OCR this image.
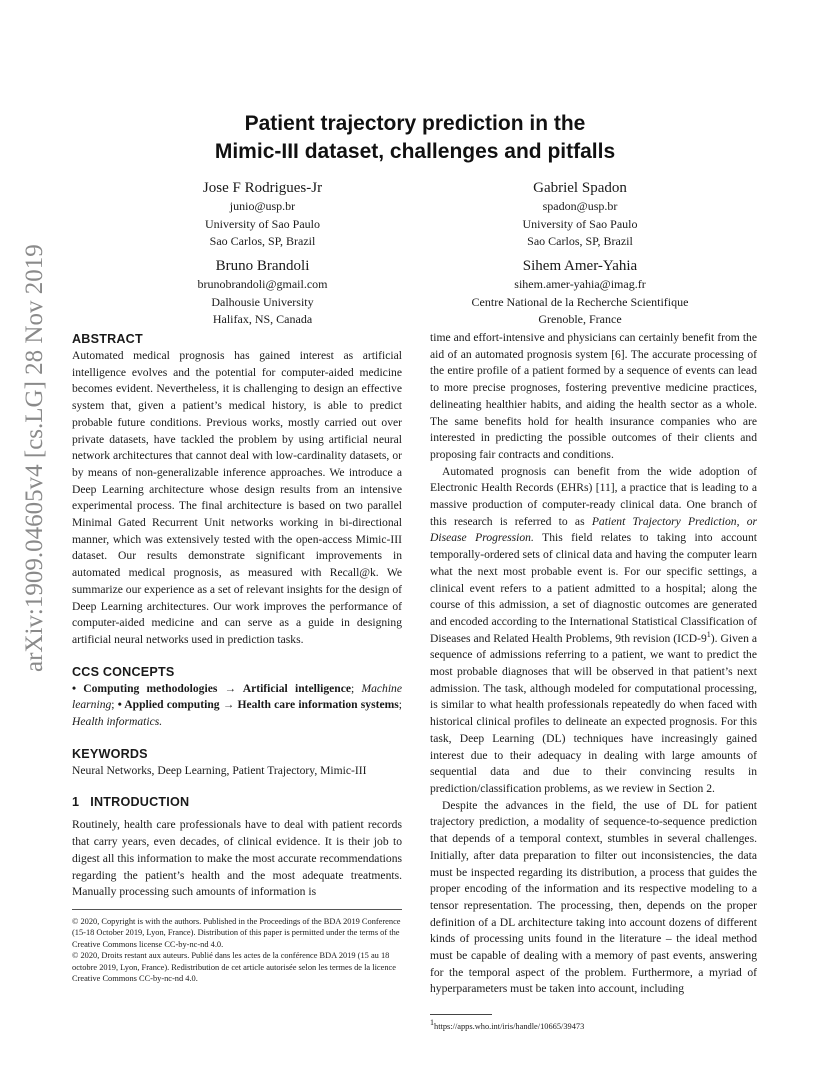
arXiv:1909.04605v4 [cs.LG] 28 Nov 2019
Patient trajectory prediction in the
Mimic-III dataset, challenges and pitfalls
Jose F Rodrigues-Jr
junio@usp.br
University of Sao Paulo
Sao Carlos, SP, Brazil
Gabriel Spadon
spadon@usp.br
University of Sao Paulo
Sao Carlos, SP, Brazil
Bruno Brandoli
brunobrandoli@gmail.com
Dalhousie University
Halifax, NS, Canada
Sihem Amer-Yahia
sihem.amer-yahia@imag.fr
Centre National de la Recherche Scientifique
Grenoble, France
ABSTRACT

Automated medical prognosis has gained interest as artificial intelligence evolves and the potential for computer-aided medicine becomes evident. Nevertheless, it is challenging to design an effective system that, given a patient’s medical history, is able to predict probable future conditions. Previous works, mostly carried out over private datasets, have tackled the problem by using artificial neural network architectures that cannot deal with low-cardinality datasets, or by means of non-generalizable inference approaches. We introduce a Deep Learning architecture whose design results from an intensive experimental process. The final architecture is based on two parallel Minimal Gated Recurrent Unit networks working in bi-directional manner, which was extensively tested with the open-access Mimic-III dataset. Our results demonstrate significant improvements in automated medical prognosis, as measured with Recall@k. We summarize our experience as a set of relevant insights for the design of Deep Learning architectures. Our work improves the performance of computer-aided medicine and can serve as a guide in designing artificial neural networks used in prediction tasks.

CCS CONCEPTS

• Computing methodologies → Artificial intelligence; Machine learning; • Applied computing → Health care information systems; Health informatics.

KEYWORDS

Neural Networks, Deep Learning, Patient Trajectory, Mimic-III

1   INTRODUCTION

Routinely, health care professionals have to deal with patient records that carry years, even decades, of clinical evidence. It is their job to digest all this information to make the most accurate recommendations regarding the patient’s health and the most adequate treatments. Manually processing such amounts of information is

© 2020, Copyright is with the authors. Published in the Proceedings of the BDA 2019 Conference (15-18 October 2019, Lyon, France). Distribution of this paper is permitted under the terms of the Creative Commons license CC-by-nc-nd 4.0.

© 2020, Droits restant aux auteurs. Publié dans les actes de la conférence BDA 2019 (15 au 18 octobre 2019, Lyon, France). Redistribution de cet article autorisée selon les termes de la licence Creative Commons CC-by-nc-nd 4.0.

time and effort-intensive and physicians can certainly benefit from the aid of an automated prognosis system [6]. The accurate processing of the entire profile of a patient formed by a sequence of events can lead to more precise prognoses, fostering preventive medicine practices, delineating healthier habits, and aiding the health sector as a whole. The same benefits hold for health insurance companies who are interested in predicting the possible outcomes of their clients and proposing fair contracts and conditions.

Automated prognosis can benefit from the wide adoption of Electronic Health Records (EHRs) [11], a practice that is leading to a massive production of computer-ready clinical data. One branch of this research is referred to as Patient Trajectory Prediction, or Disease Progression. This field relates to taking into account temporally-ordered sets of clinical data and having the computer learn what the next most probable event is. For our specific settings, a clinical event refers to a patient admitted to a hospital; along the course of this admission, a set of diagnostic outcomes are generated and encoded according to the International Statistical Classification of Diseases and Related Health Problems, 9th revision $(ICD-9^1)$. Given a sequence of admissions referring to a patient, we want to predict the most probable diagnoses that will be observed in that patient’s next admission. The task, although modeled for computational processing, is similar to what health professionals repeatedly do when faced with historical clinical profiles to delineate an expected prognosis. For this task, Deep Learning (DL) techniques have increasingly gained interest due to their adequacy in dealing with large amounts of sequential data and due to their convincing results in prediction/classification problems, as we review in Section 2.

Despite the advances in the field, the use of DL for patient trajectory prediction, a modality of sequence-to-sequence prediction that depends of a temporal context, stumbles in several challenges. Initially, after data preparation to filter out inconsistencies, the data must be inspected regarding its distribution, a process that guides the proper encoding of the information and its respective modeling to a tensor representation. The processing, then, depends on the proper definition of a DL architecture taking into account dozens of different kinds of processing units found in the literature – the ideal method must be capable of dealing with a memory of past events, answering for the temporal aspect of the problem. Furthermore, a myriad of hyperparameters must be taken into account, including

$^1$https://apps.who.int/iris/handle/10665/39473
